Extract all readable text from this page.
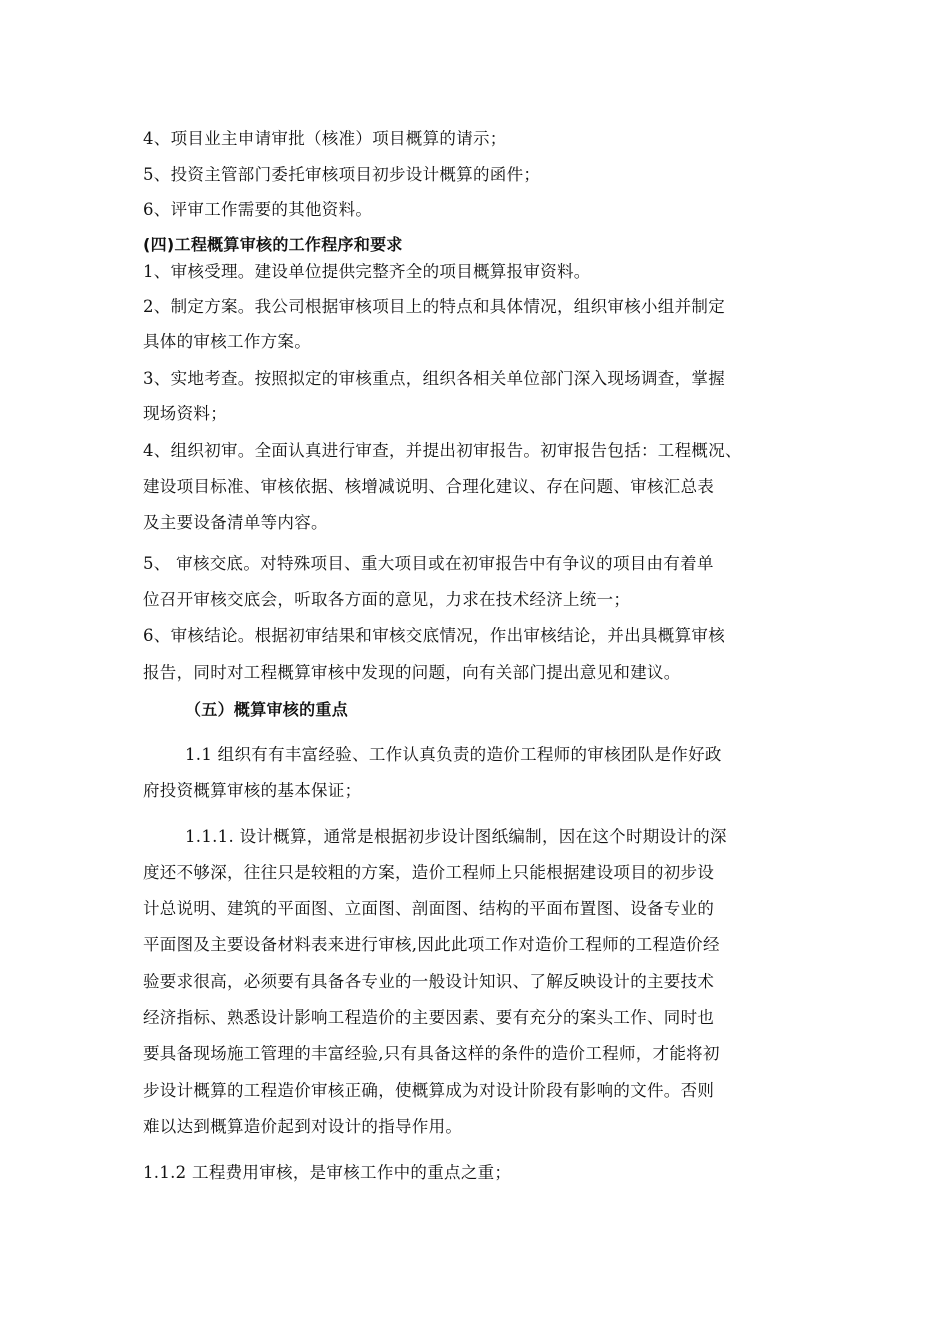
4、项目业主申请审批（核准）项目概算的请示；
5、投资主管部门委托审核项目初步设计概算的函件；
6、评审工作需要的其他资料。
(四)工程概算审核的工作程序和要求
1、审核受理。建设单位提供完整齐全的项目概算报审资料。
2、制定方案。我公司根据审核项目上的特点和具体情况，组织审核小组并制定
具体的审核工作方案。
3、实地考查。按照拟定的审核重点，组织各相关单位部门深入现场调查，掌握
现场资料；
4、组织初审。全面认真进行审查，并提出初审报告。初审报告包括：工程概况、
建设项目标准、审核依据、核增减说明、合理化建议、存在问题、审核汇总表
及主要设备清单等内容。
5、 审核交底。对特殊项目、重大项目或在初审报告中有争议的项目由有着单
位召开审核交底会，听取各方面的意见，力求在技术经济上统一；
6、审核结论。根据初审结果和审核交底情况，作出审核结论，并出具概算审核
报告，同时对工程概算审核中发现的问题，向有关部门提出意见和建议。
（五）概算审核的重点
1.1 组织有有丰富经验、工作认真负责的造价工程师的审核团队是作好政
府投资概算审核的基本保证；
1.1.1. 设计概算，通常是根据初步设计图纸编制，因在这个时期设计的深
度还不够深，往往只是较粗的方案，造价工程师上只能根据建设项目的初步设
计总说明、建筑的平面图、立面图、剖面图、结构的平面布置图、设备专业的
平面图及主要设备材料表来进行审核,因此此项工作对造价工程师的工程造价经
验要求很高，必须要有具备各专业的一般设计知识、了解反映设计的主要技术
经济指标、熟悉设计影响工程造价的主要因素、要有充分的案头工作、同时也
要具备现场施工管理的丰富经验,只有具备这样的条件的造价工程师，才能将初
步设计概算的工程造价审核正确，使概算成为对设计阶段有影响的文件。否则
难以达到概算造价起到对设计的指导作用。
1.1.2 工程费用审核，是审核工作中的重点之重；
